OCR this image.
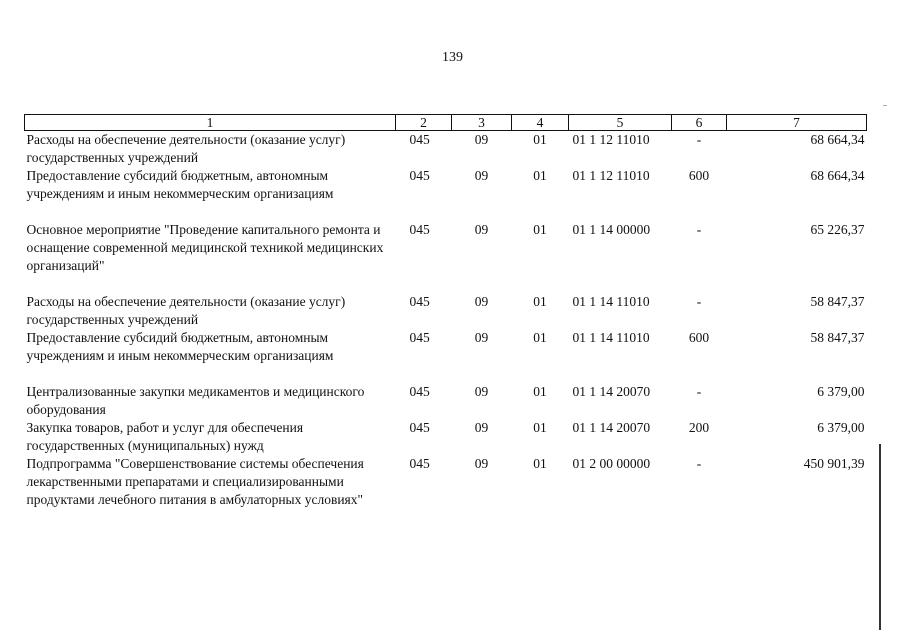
139
1	2	3	4	5	6	7
Расходы на обеспечение деятельности (оказание услуг) государственных учреждений	045	09	01	01 1 12 11010	-	68 664,34
Предоставление субсидий бюджетным, автономным учреждениям и иным некоммерческим организациям	045	09	01	01 1 12 11010	600	68 664,34

Основное мероприятие "Проведение капитального ремонта и оснащение современной медицинской техникой медицинских организаций"	045	09	01	01 1 14 00000	-	65 226,37

Расходы на обеспечение деятельности (оказание услуг) государственных учреждений	045	09	01	01 1 14 11010	-	58 847,37
Предоставление субсидий бюджетным, автономным учреждениям и иным некоммерческим организациям	045	09	01	01 1 14 11010	600	58 847,37

Централизованные закупки медикаментов и медицинского оборудования	045	09	01	01 1 14 20070	-	6 379,00
Закупка товаров, работ и услуг для обеспечения государственных (муниципальных) нужд	045	09	01	01 1 14 20070	200	6 379,00
Подпрограмма "Совершенствование системы обеспечения лекарственными препаратами и специализированными продуктами лечебного питания в амбулаторных условиях"	045	09	01	01 2 00 00000	-	450 901,39
